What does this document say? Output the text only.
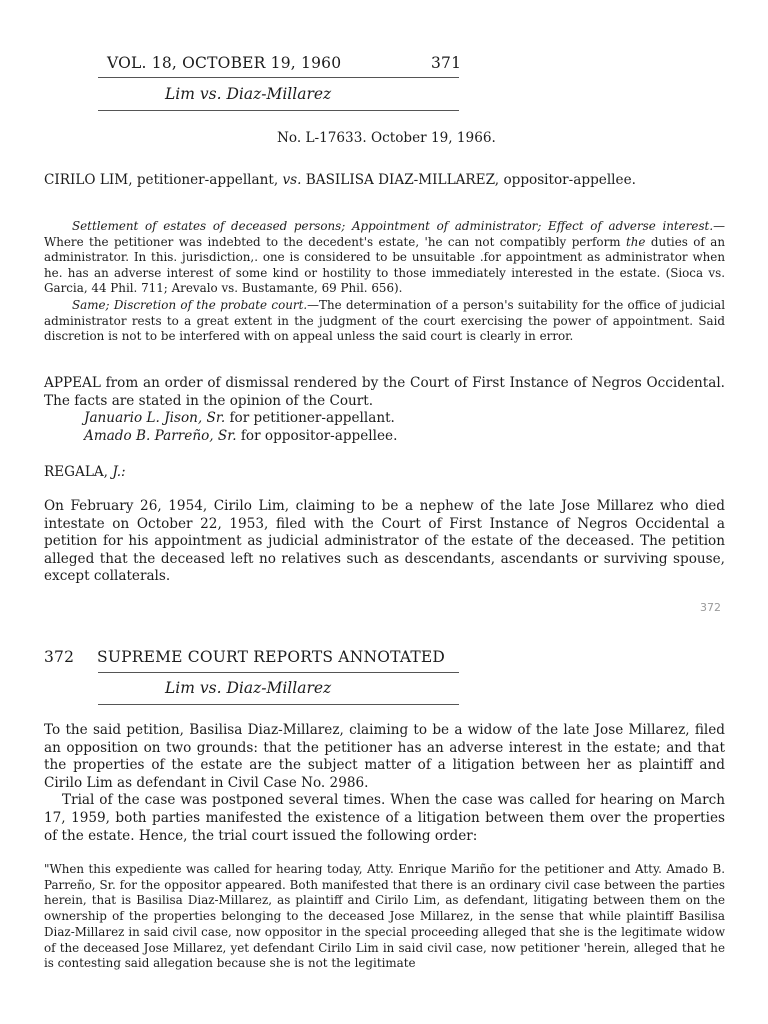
VOL. 18, OCTOBER 19, 1960	371
Lim vs. Diaz-Millarez
No. L-17633. October 19, 1966.
CIRILO LIM, petitioner-appellant, vs. BASILISA DIAZ-MILLAREZ, oppositor-appellee.

Settlement of estates of deceased persons; Appointment of administrator; Effect of adverse interest.—Where the petitioner was indebted to the decedent's estate, 'he can not compatibly perform the duties of an administrator. In this. jurisdiction,. one is considered to be unsuitable .for appointment as administrator when he. has an adverse interest of some kind or hostility to those immediately interested in the estate. (Sioca vs. Garcia, 44 Phil. 711; Arevalo vs. Bustamante, 69 Phil. 656).

Same; Discretion of the probate court.—The determination of a person's suitability for the office of judicial administrator rests to a great extent in the judgment of the court exercising the power of appointment. Said discretion is not to be interfered with on appeal unless the said court is clearly in error.

APPEAL from an order of dismissal rendered by the Court of First Instance of Negros Occidental. The facts are stated in the opinion of the Court.

Januario L. Jison, Sr. for petitioner-appellant.

Amado B. Parreño, Sr. for oppositor-appellee.

REGALA, J.:

On February 26, 1954, Cirilo Lim, claiming to be a nephew of the late Jose Millarez who died intestate on October 22, 1953, filed with the Court of First Instance of Negros Occidental a petition for his appointment as judicial administrator of the estate of the deceased. The petition alleged that the deceased left no relatives such as descendants, ascendants or surviving spouse, except collaterals.

372
372 SUPREME COURT REPORTS ANNOTATED
Lim vs. Diaz-Millarez

To the said petition, Basilisa Diaz-Millarez, claiming to be a widow of the late Jose Millarez, filed an opposition on two grounds: that the petitioner has an adverse interest in the estate; and that the properties of the estate are the subject matter of a litigation between her as plaintiff and Cirilo Lim as defendant in Civil Case No. 2986.

Trial of the case was postponed several times. When the case was called for hearing on March 17, 1959, both parties manifested the existence of a litigation between them over the properties of the estate. Hence, the trial court issued the following order:

"When this expediente was called for hearing today, Atty. Enrique Mariño for the petitioner and Atty. Amado B. Parreño, Sr. for the oppositor appeared. Both manifested that there is an ordinary civil case between the parties herein, that is Basilisa Diaz-Millarez, as plaintiff and Cirilo Lim, as defendant, litigating between them on the ownership of the properties belonging to the deceased Jose Millarez, in the sense that while plaintiff Basilisa Diaz-Millarez in said civil case, now oppositor in the special proceeding alleged that she is the legitimate widow of the deceased Jose Millarez, yet defendant Cirilo Lim in said civil case, now petitioner 'herein, alleged that he is contesting said allegation because she is not the legitimate
